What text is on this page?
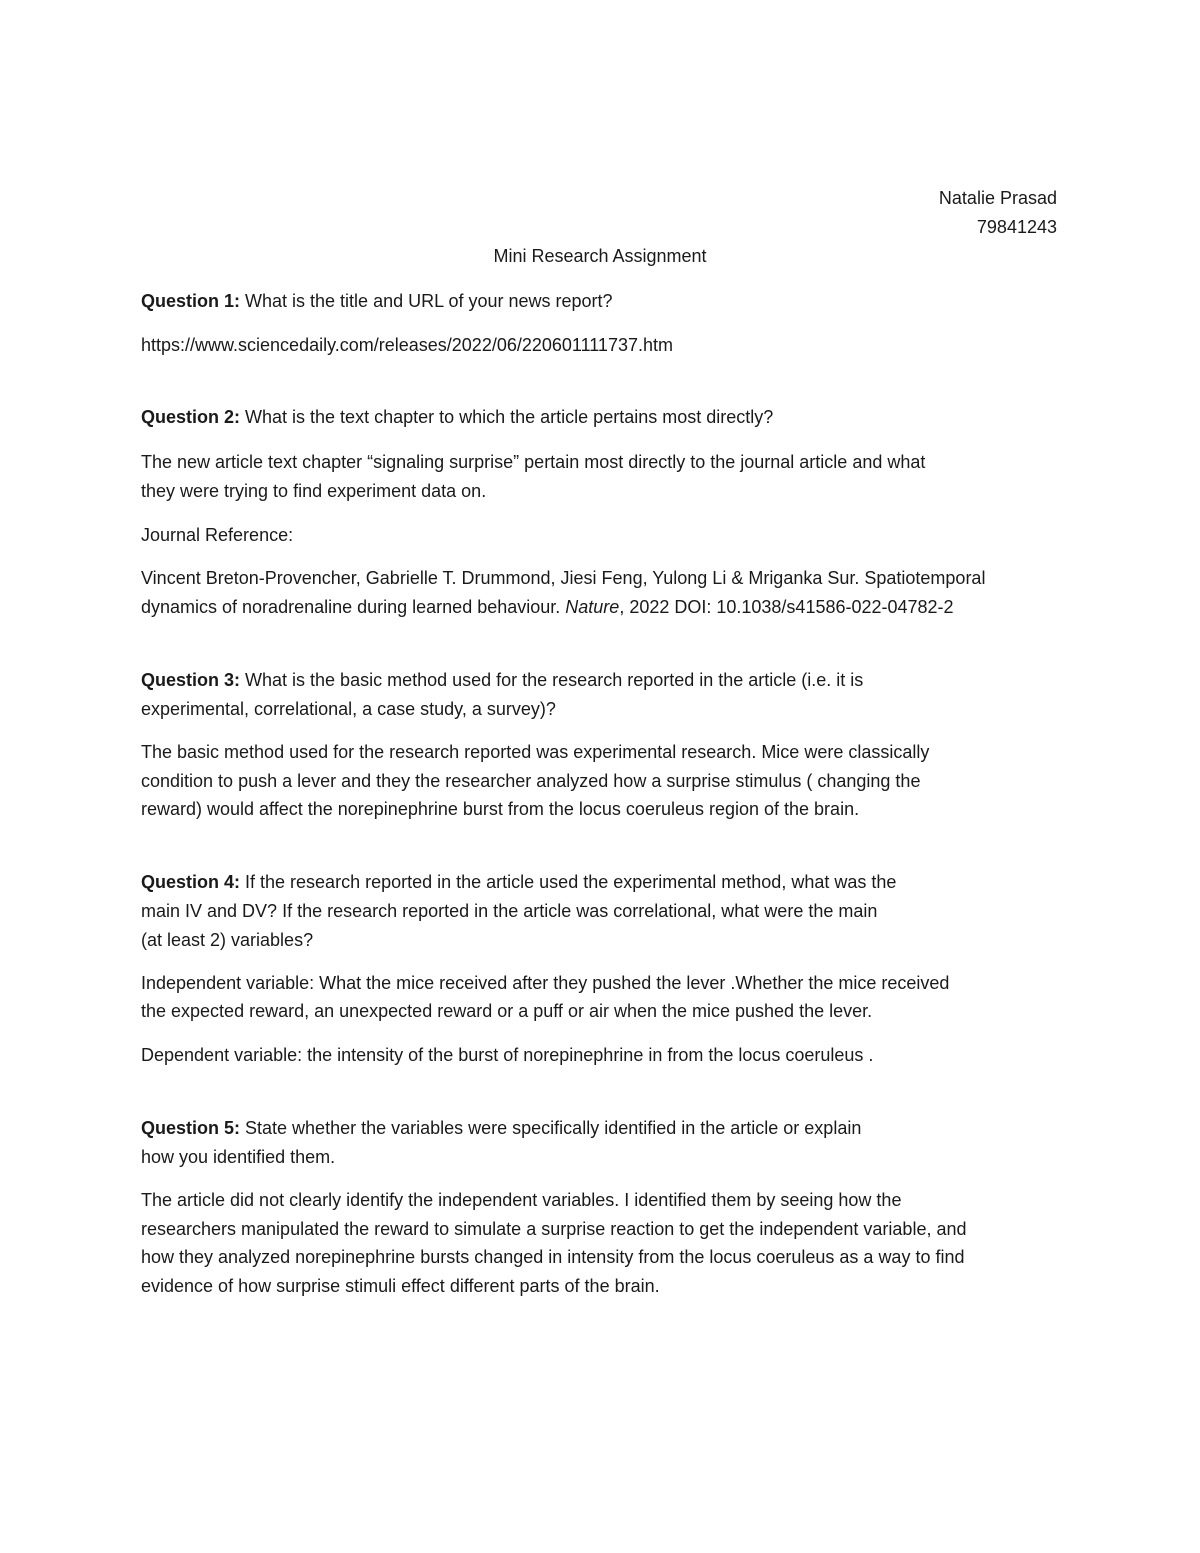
Natalie Prasad
79841243
Mini Research Assignment
Question 1: What is the title and URL of your news report?
https://www.sciencedaily.com/releases/2022/06/220601111737.htm
Question 2: What is the text chapter to which the article pertains most directly?
The new article text chapter “signaling surprise” pertain most directly to the journal article and what
they were trying to find experiment data on.
Journal Reference:
Vincent Breton-Provencher, Gabrielle T. Drummond, Jiesi Feng, Yulong Li & Mriganka Sur. Spatiotemporal
dynamics of noradrenaline during learned behaviour. Nature, 2022 DOI: 10.1038/s41586-022-04782-2
Question 3: What is the basic method used for the research reported in the article (i.e. it is
experimental, correlational, a case study, a survey)?
The basic method used for the research reported was experimental research. Mice were classically
condition to push a lever and they the researcher analyzed how a surprise stimulus ( changing the
reward) would affect the norepinephrine burst from the locus coeruleus region of the brain.
Question 4: If the research reported in the article used the experimental method, what was the
main IV and DV? If the research reported in the article was correlational, what were the main
(at least 2) variables?
Independent variable: What the mice received after they pushed the lever .Whether the mice received
the expected reward, an unexpected reward or a puff or air when the mice pushed the lever.
Dependent variable: the intensity of the burst of norepinephrine in from the locus coeruleus .
Question 5: State whether the variables were specifically identified in the article or explain
how you identified them.
The article did not clearly identify the independent variables. I identified them by seeing how the
researchers manipulated the reward to simulate a surprise reaction to get the independent variable, and
how they analyzed norepinephrine bursts changed in intensity from the locus coeruleus as a way to find
evidence of how surprise stimuli effect different parts of the brain.
